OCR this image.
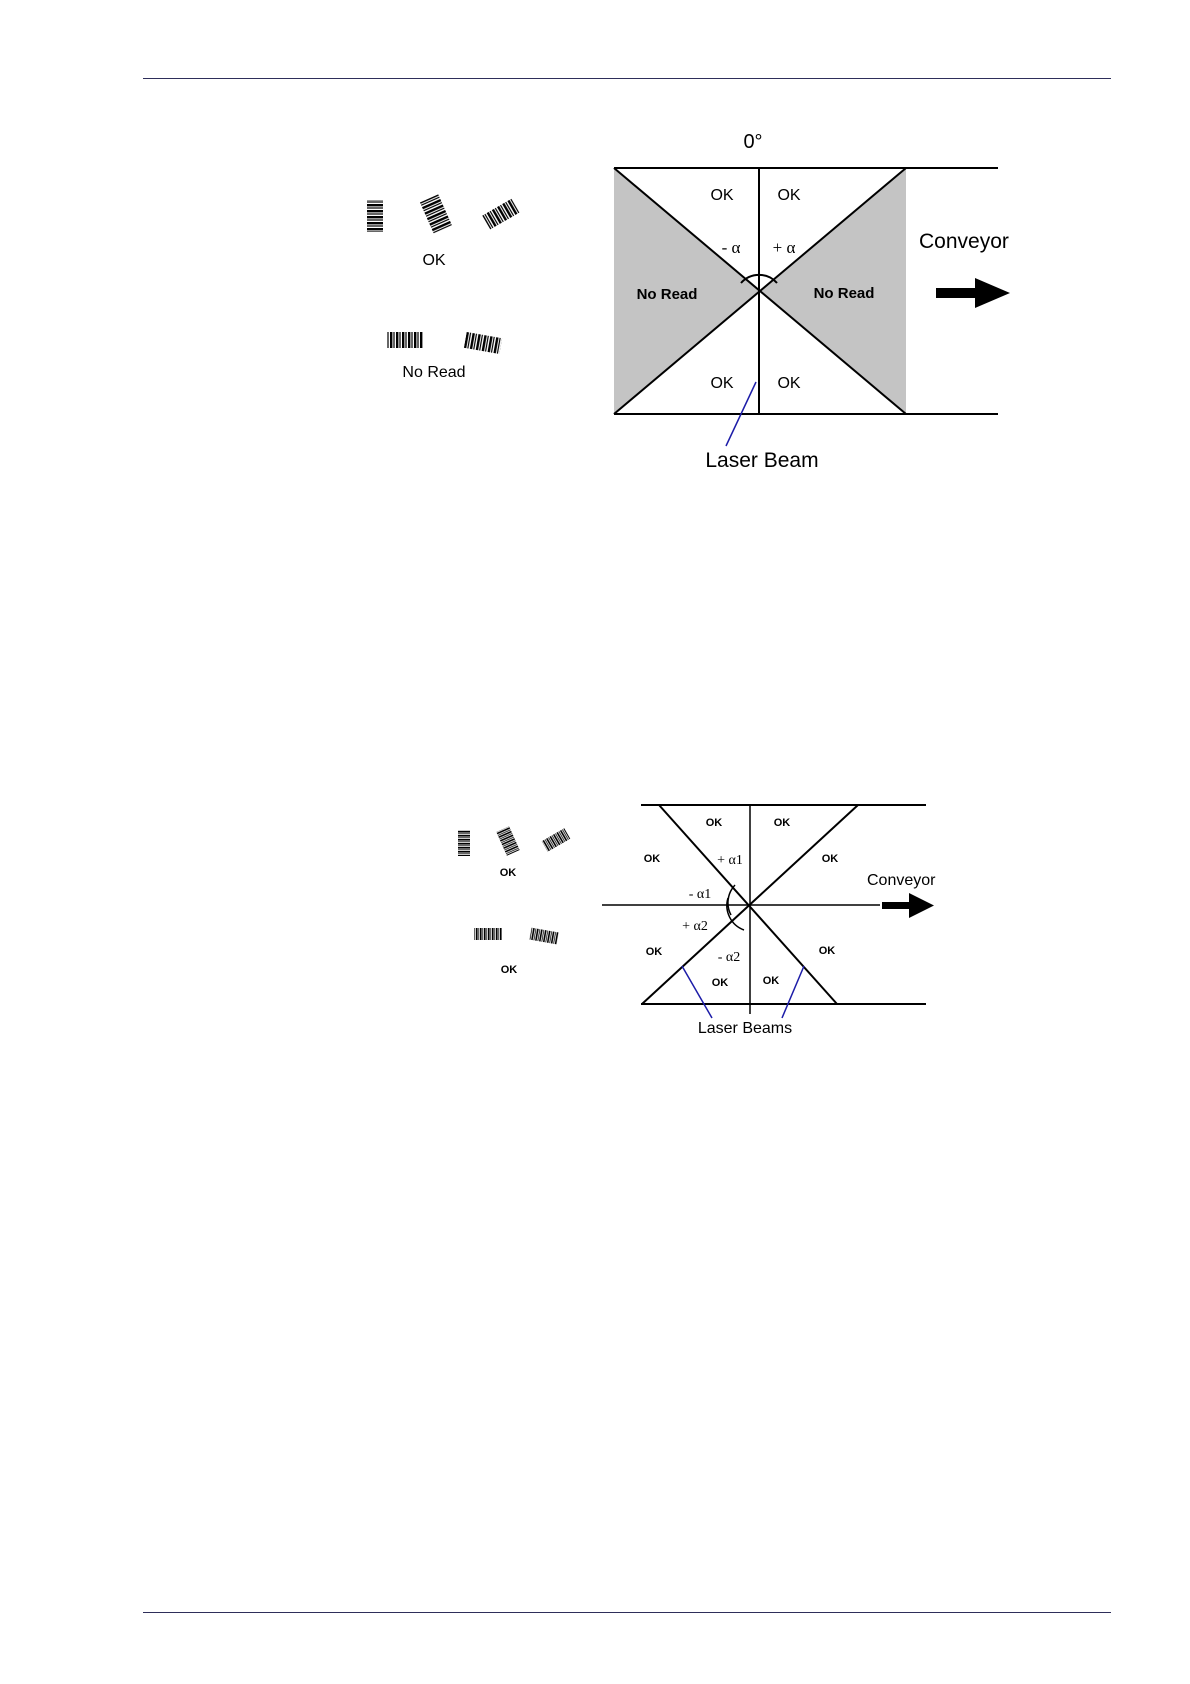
OK
No Read
0°
OK	OK
OK	OK
No Read	No Read
- α + α	Conveyor
Laser Beam
OK
OK
OK	OK
OK	OK
OK	OK
OK	OK
+ α1
- α1
+ α2
- α2
Conveyor
Laser Beams
